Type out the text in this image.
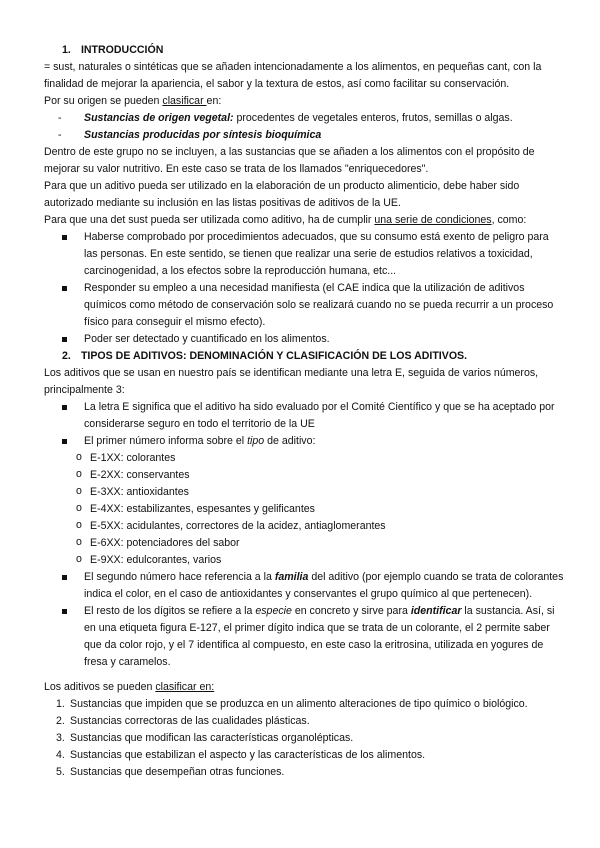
1. INTRODUCCIÓN

= sust, naturales o sintéticas que se añaden intencionadamente a los alimentos, en pequeñas cant, con la finalidad de mejorar la apariencia, el sabor y la textura de estos, así como facilitar su conservación.

Por su origen se pueden clasificar en:

- Sustancias de origen vegetal: procedentes de vegetales enteros, frutos, semillas o algas.
- Sustancias producidas por síntesis bioquímica

Dentro de este grupo no se incluyen, a las sustancias que se añaden a los alimentos con el propósito de mejorar su valor nutritivo. En este caso se trata de los llamados "enriquecedores".

Para que un aditivo pueda ser utilizado en la elaboración de un producto alimenticio, debe haber sido autorizado mediante su inclusión en las listas positivas de aditivos de la UE.

Para que una det sust pueda ser utilizada como aditivo, ha de cumplir una serie de condiciones, como:

Haberse comprobado por procedimientos adecuados, que su consumo está exento de peligro para las personas. En este sentido, se tienen que realizar una serie de estudios relativos a toxicidad, carcinogenidad, a los efectos sobre la reproducción humana, etc...
Responder su empleo a una necesidad manifiesta (el CAE indica que la utilización de aditivos químicos como método de conservación solo se realizará cuando no se pueda recurrir a un proceso físico para conseguir el mismo efecto).
Poder ser detectado y cuantificado en los alimentos.

2. TIPOS DE ADITIVOS: DENOMINACIÓN Y CLASIFICACIÓN DE LOS ADITIVOS.

Los aditivos que se usan en nuestro país se identifican mediante una letra E, seguida de varios números, principalmente 3:

La letra E significa que el aditivo ha sido evaluado por el Comité Científico y que se ha aceptado por considerarse seguro en todo el territorio de la UE
El primer número informa sobre el tipo de aditivo:
o E-1XX: colorantes
o E-2XX: conservantes
o E-3XX: antioxidantes
o E-4XX: estabilizantes, espesantes y gelificantes
o E-5XX: acidulantes, correctores de la acidez, antiaglomerantes
o E-6XX: potenciadores del sabor
o E-9XX: edulcorantes, varios
El segundo número hace referencia a la familia del aditivo (por ejemplo cuando se trata de colorantes indica el color, en el caso de antioxidantes y conservantes el grupo químico al que pertenecen).
El resto de los dígitos se refiere a la especie en concreto y sirve para identificar la sustancia. Así, si en una etiqueta figura E-127, el primer dígito indica que se trata de un colorante, el 2 permite saber que da color rojo, y el 7 identifica al compuesto, en este caso la eritrosina, utilizada en yogures de fresa y caramelos.

Los aditivos se pueden clasificar en:

1. Sustancias que impiden que se produzca en un alimento alteraciones de tipo químico o biológico.
2. Sustancias correctoras de las cualidades plásticas.
3. Sustancias que modifican las características organolépticas.
4. Sustancias que estabilizan el aspecto y las características de los alimentos.
5. Sustancias que desempeñan otras funciones.
